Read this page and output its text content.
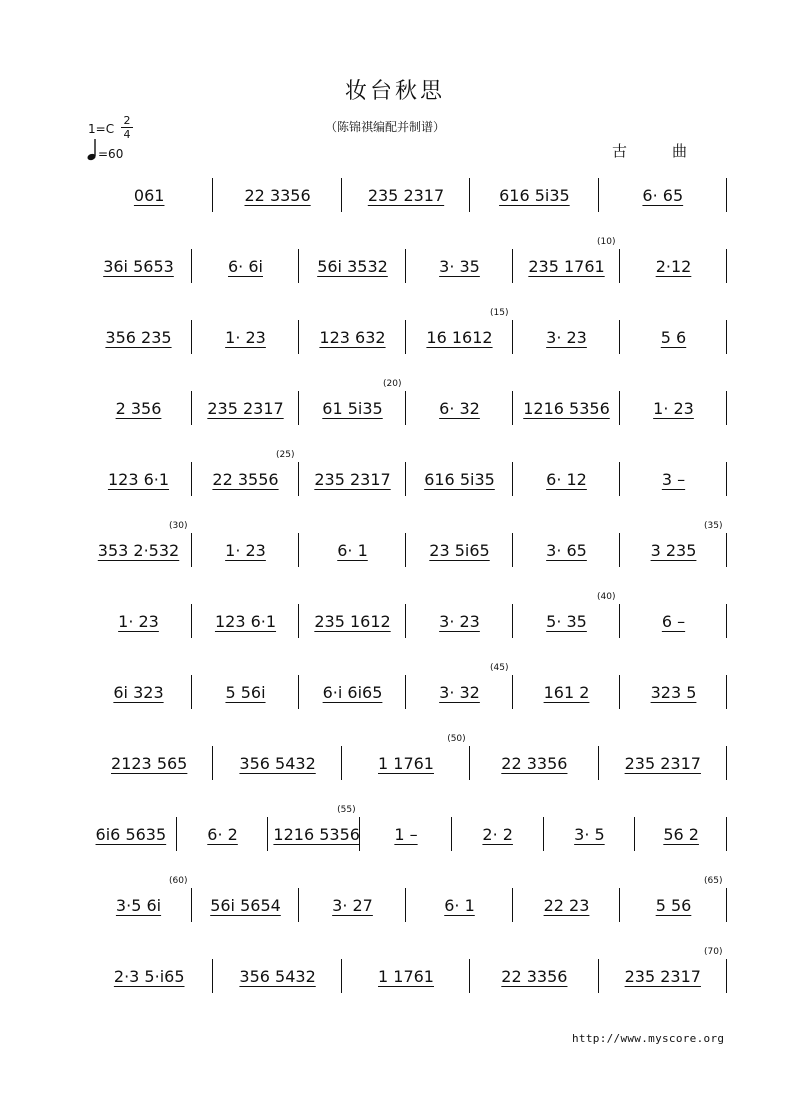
妆台秋思
（陈锦祺编配并制谱）
古	曲
$1=C \frac{2}{4}$
=60
061	22 3356	235 2317	616 5i35	6· 65
36i 5653	6· 6i	56i 3532	3· 35	235 1761	2·12
(10)
356 235	1· 23	123 632	16 1612	3· 23	5 6
(15)
2 356	235 2317	61 5i35	6· 32	1216 5356	1· 23
(20)
123 6·1	22 3556	235 2317	616 5i35	6· 12	3 –
(25)
353 2·532	1· 23	6· 1	23 5i65	3· 65	3 235
(30)	(35)
1· 23	123 6·1	235 1612	3· 23	5· 35	6 –
(40)
6i 323	5 56i	6·i 6i65	3· 32	161 2	323 5
(45)
2123 565	356 5432	1 1761	22 3356	235 2317
(50)
6i6 5635	6· 2	1216 5356	1 –	2· 2	3· 5	56 2
(55)
3·5 6i	56i 5654	3· 27	6· 1	22 23	5 56
(60)	(65)
2·3 5·i65	356 5432	1 1761	22 3356	235 2317
(70)
http://www.myscore.org
